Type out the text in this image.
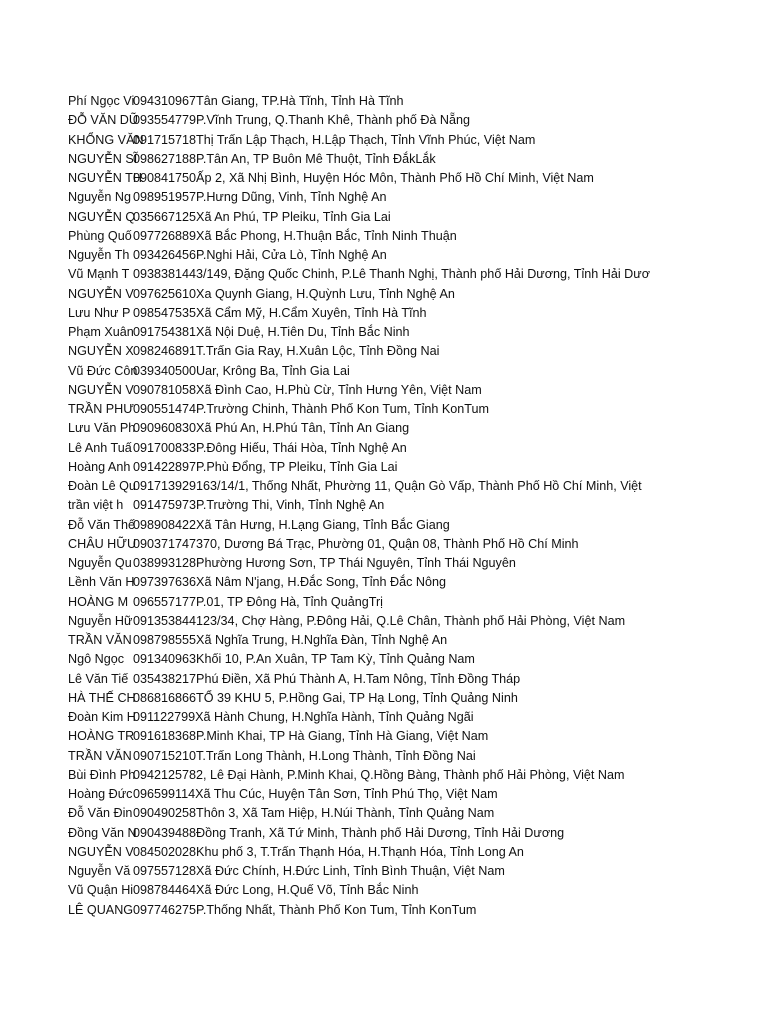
Phí Ngọc Vi
094310967Tân Giang, TP.Hà Tĩnh, Tỉnh Hà Tĩnh
ĐỖ VĂN DŨ
093554779P.Vĩnh Trung, Q.Thanh Khê, Thành phố Đà Nẵng
KHỔNG VĂN
091715718Thị Trấn Lập Thạch, H.Lập Thạch, Tỉnh Vĩnh Phúc, Việt Nam
NGUYỄN SĨ
098627188P.Tân An, TP Buôn Mê Thuột, Tỉnh ĐắkLắk
NGUYỄN TH
090841750Ấp 2, Xã Nhị Bình, Huyện Hóc Môn, Thành Phố Hồ Chí Minh, Việt Nam
Nguyễn Ng 098951957P.Hưng Dũng, Vinh, Tỉnh Nghệ An
NGUYỄN Q
035667125Xã An Phú, TP Pleiku, Tỉnh Gia Lai
Phùng Quố 097726889Xã Bắc Phong, H.Thuận Bắc, Tỉnh Ninh Thuận
Nguyễn Th 093426456P.Nghi Hải, Cửa Lò, Tỉnh Nghệ An
Vũ Mạnh T 0938381443/149, Đặng Quốc Chinh, P.Lê Thanh Nghị, Thành phố Hải Dương, Tỉnh Hải Dươ
NGUYỄN V 097625610Xa Quynh Giang, H.Quỳnh Lưu, Tỉnh Nghệ An
Lưu Như P 098547535Xã Cẩm Mỹ, H.Cẩm Xuyên, Tỉnh Hà Tĩnh
Phạm Xuân 091754381Xã Nội Duệ, H.Tiên Du, Tỉnh Bắc Ninh
NGUYỄN X 098246891T.Trấn Gia Ray, H.Xuân Lộc, Tỉnh Đồng Nai
Vũ Đức Côn
039340500Uar, Krông Ba, Tỉnh Gia Lai
NGUYỄN V 090781058Xã Đình Cao, H.Phù Cừ, Tỉnh Hưng Yên, Việt Nam
TRẦN PHƯ
090551474P.Trường Chinh, Thành Phố Kon Tum, Tỉnh KonTum
Lưu Văn Ph
090960830Xã Phú An, H.Phú Tân, Tỉnh An Giang
Lê Anh Tuấ 091700833P.Đông Hiếu, Thái Hòa, Tỉnh Nghệ An
Hoàng Anh 091422897P.Phù Đổng, TP Pleiku, Tỉnh Gia Lai
Đoàn Lê Qu
091713929163/14/1, Thống Nhất, Phường 11, Quận Gò Vấp, Thành Phố Hồ Chí Minh, Việt
trần việt h 091475973P.Trường Thi, Vinh, Tỉnh Nghệ An
Đỗ Văn Thế
098908422Xã Tân Hưng, H.Lạng Giang, Tỉnh Bắc Giang
CHÂU HỮU
090371747370, Dương Bá Trạc, Phường 01, Quận 08, Thành Phố Hồ Chí Minh
Nguyễn Qu 038993128Phường Hương Sơn, TP Thái Nguyên, Tỉnh Thái Nguyên
Lềnh Văn H
097397636Xã Nâm N'jang, H.Đắc Song, Tỉnh Đắc Nông
HOÀNG M 096557177P.01, TP Đông Hà, Tỉnh QuảngTrị
Nguyễn Hữ 091353844123/34, Chợ Hàng, P.Đông Hải, Q.Lê Chân, Thành phố Hải Phòng, Việt Nam
TRẦN VĂN 098798555Xã Nghĩa Trung, H.Nghĩa Đàn, Tỉnh Nghệ An
Ngô Ngọc 091340963Khối 10, P.An Xuân, TP Tam Kỳ, Tỉnh Quảng Nam
Lê Văn Tiế 035438217Phú Điền, Xã Phú Thành A, H.Tam Nông, Tỉnh Đồng Tháp
HÀ THẾ CH
086816866TỔ 39 KHU 5, P.Hồng Gai, TP Hạ Long, Tỉnh Quảng Ninh
Đoàn Kim H
091122799Xã Hành Chung, H.Nghĩa Hành, Tỉnh Quảng Ngãi
HOÀNG TR
091618368P.Minh Khai, TP Hà Giang, Tỉnh Hà Giang, Việt Nam
TRẦN VĂN 090715210T.Trấn Long Thành, H.Long Thành, Tỉnh Đồng Nai
Bùi Đình Ph
0942125782, Lê Đại Hành, P.Minh Khai, Q.Hồng Bàng, Thành phố Hải Phòng, Việt Nam
Hoàng Đức 096599114Xã Thu Cúc, Huyện Tân Sơn, Tỉnh Phú Thọ, Việt Nam
Đỗ Văn Đin 090490258Thôn 3, Xã Tam Hiệp, H.Núi Thành, Tỉnh Quảng Nam
Đồng Văn N
090439488Đồng Tranh, Xã Tứ Minh, Thành phố Hải Dương, Tỉnh Hải Dương
NGUYỄN V 084502028Khu phố 3, T.Trấn Thạnh Hóa, H.Thạnh Hóa, Tỉnh Long An
Nguyễn Vă 097557128Xã Đức Chính, H.Đức Linh, Tỉnh Bình Thuận, Việt Nam
Vũ Quận Hi 098784464Xã Đức Long, H.Quế Võ, Tỉnh Bắc Ninh
LÊ QUANG 097746275P.Thống Nhất, Thành Phố Kon Tum, Tỉnh KonTum
